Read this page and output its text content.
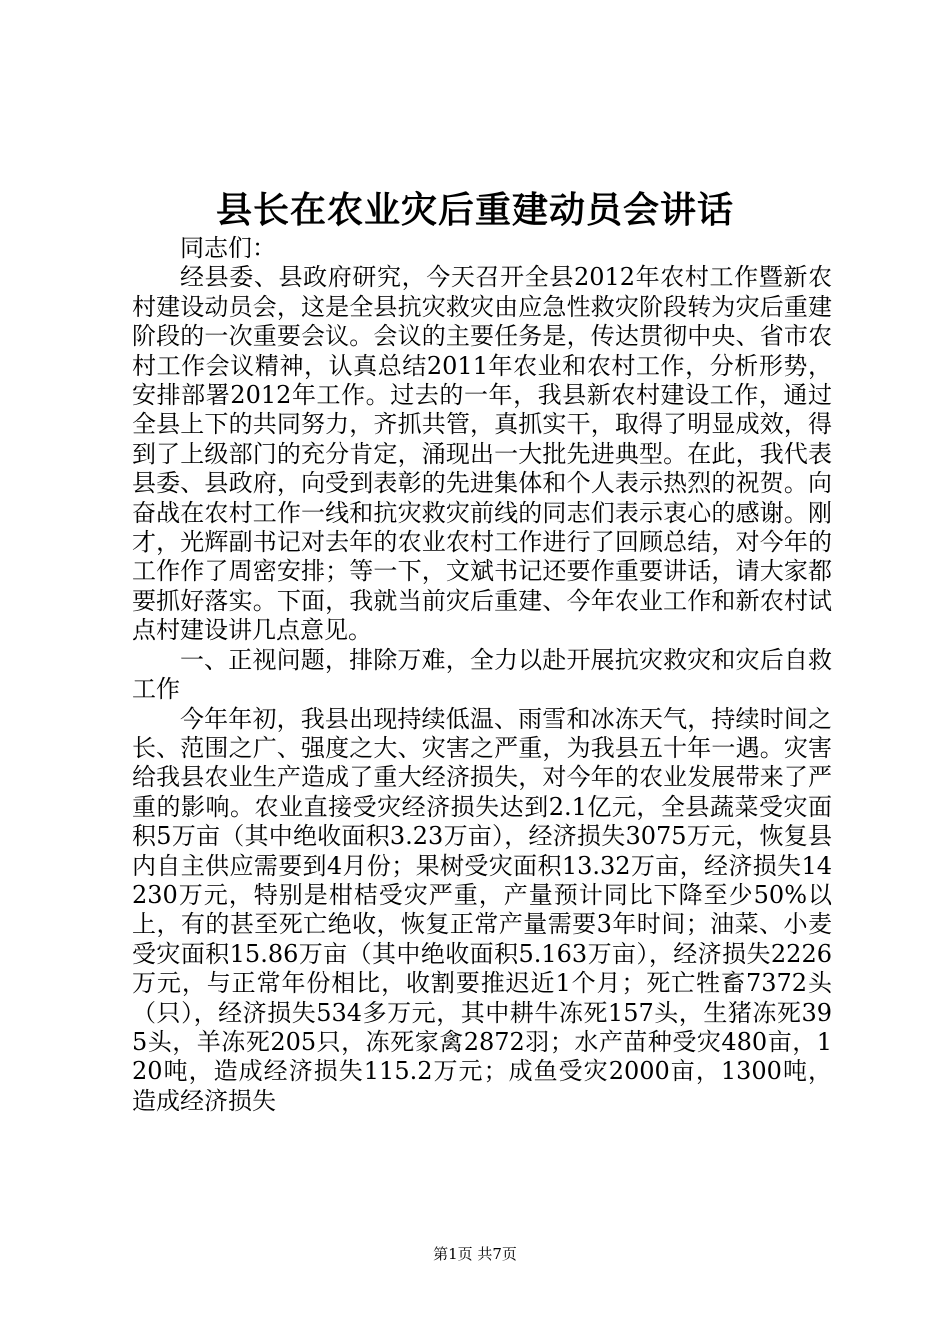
县长在农业灾后重建动员会讲话

同志们：

经县委、县政府研究，今天召开全县2012年农村工作暨新农村建设动员会，这是全县抗灾救灾由应急性救灾阶段转为灾后重建阶段的一次重要会议。会议的主要任务是，传达贯彻中央、省市农村工作会议精神，认真总结2011年农业和农村工作，分析形势，安排部署2012年工作。过去的一年，我县新农村建设工作，通过全县上下的共同努力，齐抓共管，真抓实干，取得了明显成效，得到了上级部门的充分肯定，涌现出一大批先进典型。在此，我代表县委、县政府，向受到表彰的先进集体和个人表示热烈的祝贺。向奋战在农村工作一线和抗灾救灾前线的同志们表示衷心的感谢。刚才，光辉副书记对去年的农业农村工作进行了回顾总结，对今年的工作作了周密安排；等一下，文斌书记还要作重要讲话，请大家都要抓好落实。下面，我就当前灾后重建、今年农业工作和新农村试点村建设讲几点意见。

一、正视问题，排除万难，全力以赴开展抗灾救灾和灾后自救工作

今年年初，我县出现持续低温、雨雪和冰冻天气，持续时间之长、范围之广、强度之大、灾害之严重，为我县五十年一遇。灾害给我县农业生产造成了重大经济损失，对今年的农业发展带来了严重的影响。农业直接受灾经济损失达到2.1亿元，全县蔬菜受灾面积5万亩（其中绝收面积3.23万亩），经济损失3075万元，恢复县内自主供应需要到4月份；果树受灾面积13.32万亩，经济损失14230万元，特别是柑桔受灾严重，产量预计同比下降至少50%以上，有的甚至死亡绝收，恢复正常产量需要3年时间；油菜、小麦受灾面积15.86万亩（其中绝收面积5.163万亩），经济损失2226万元，与正常年份相比，收割要推迟近1个月；死亡牲畜7372头（只），经济损失534多万元，其中耕牛冻死157头，生猪冻死395头，羊冻死205只，冻死家禽2872羽；水产苗种受灾480亩，120吨，造成经济损失115.2万元；成鱼受灾2000亩，1300吨，造成经济损失

第1页 共7页
